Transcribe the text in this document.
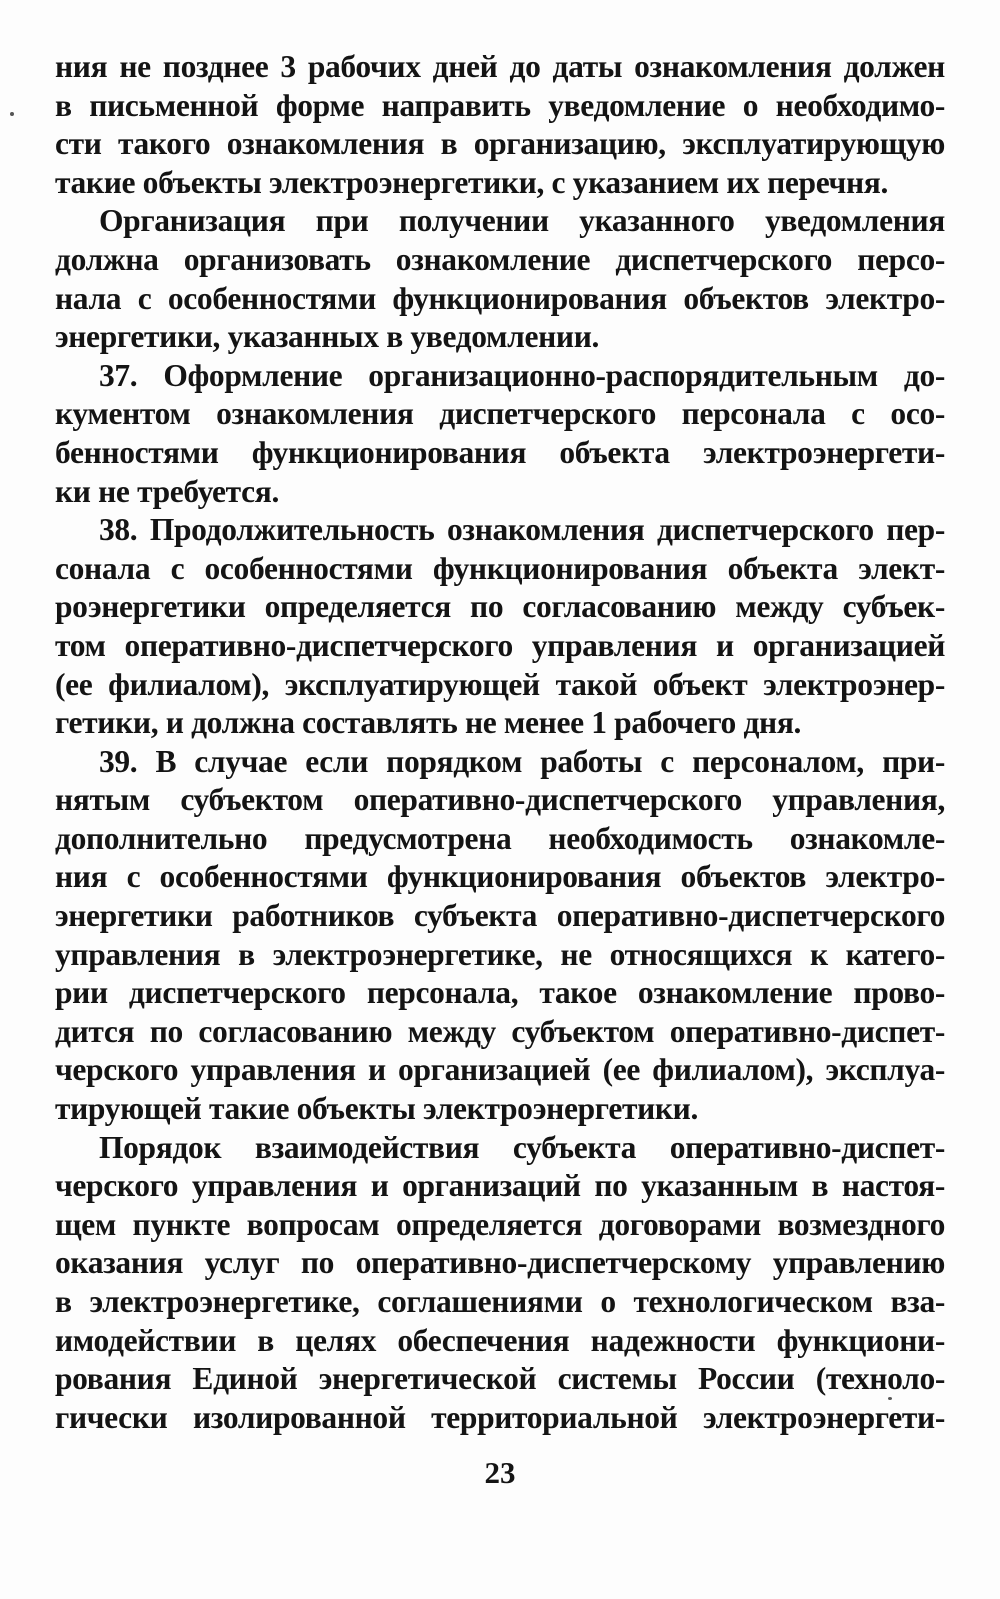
ния не позднее 3 рабочих дней до даты ознакомления должен
в письменной форме направить уведомление о необходимо-
сти такого ознакомления в организацию, эксплуатирующую
такие объекты электроэнергетики, с указанием их перечня.

Организация при получении указанного уведомления
должна организовать ознакомление диспетчерского персо-
нала с особенностями функционирования объектов электро-
энергетики, указанных в уведомлении.

37. Оформление организационно-распорядительным до-
кументом ознакомления диспетчерского персонала с осо-
бенностями функционирования объекта электроэнергети-
ки не требуется.

38. Продолжительность ознакомления диспетчерского пер-
сонала с особенностями функционирования объекта элект-
роэнергетики определяется по согласованию между субъек-
том оперативно-диспетчерского управления и организацией
(ее филиалом), эксплуатирующей такой объект электроэнер-
гетики, и должна составлять не менее 1 рабочего дня.

39. В случае если порядком работы с персоналом, при-
нятым субъектом оперативно-диспетчерского управления,
дополнительно предусмотрена необходимость ознакомле-
ния с особенностями функционирования объектов электро-
энергетики работников субъекта оперативно-диспетчерского
управления в электроэнергетике, не относящихся к катего-
рии диспетчерского персонала, такое ознакомление прово-
дится по согласованию между субъектом оперативно-диспет-
черского управления и организацией (ее филиалом), эксплуа-
тирующей такие объекты электроэнергетики.

Порядок взаимодействия субъекта оперативно-диспет-
черского управления и организаций по указанным в настоя-
щем пункте вопросам определяется договорами возмездного
оказания услуг по оперативно-диспетчерскому управлению
в электроэнергетике, соглашениями о технологическом вза-
имодействии в целях обеспечения надежности функциони-
рования Единой энергетической системы России (техноло-
гически изолированной территориальной электроэнергети-

23
